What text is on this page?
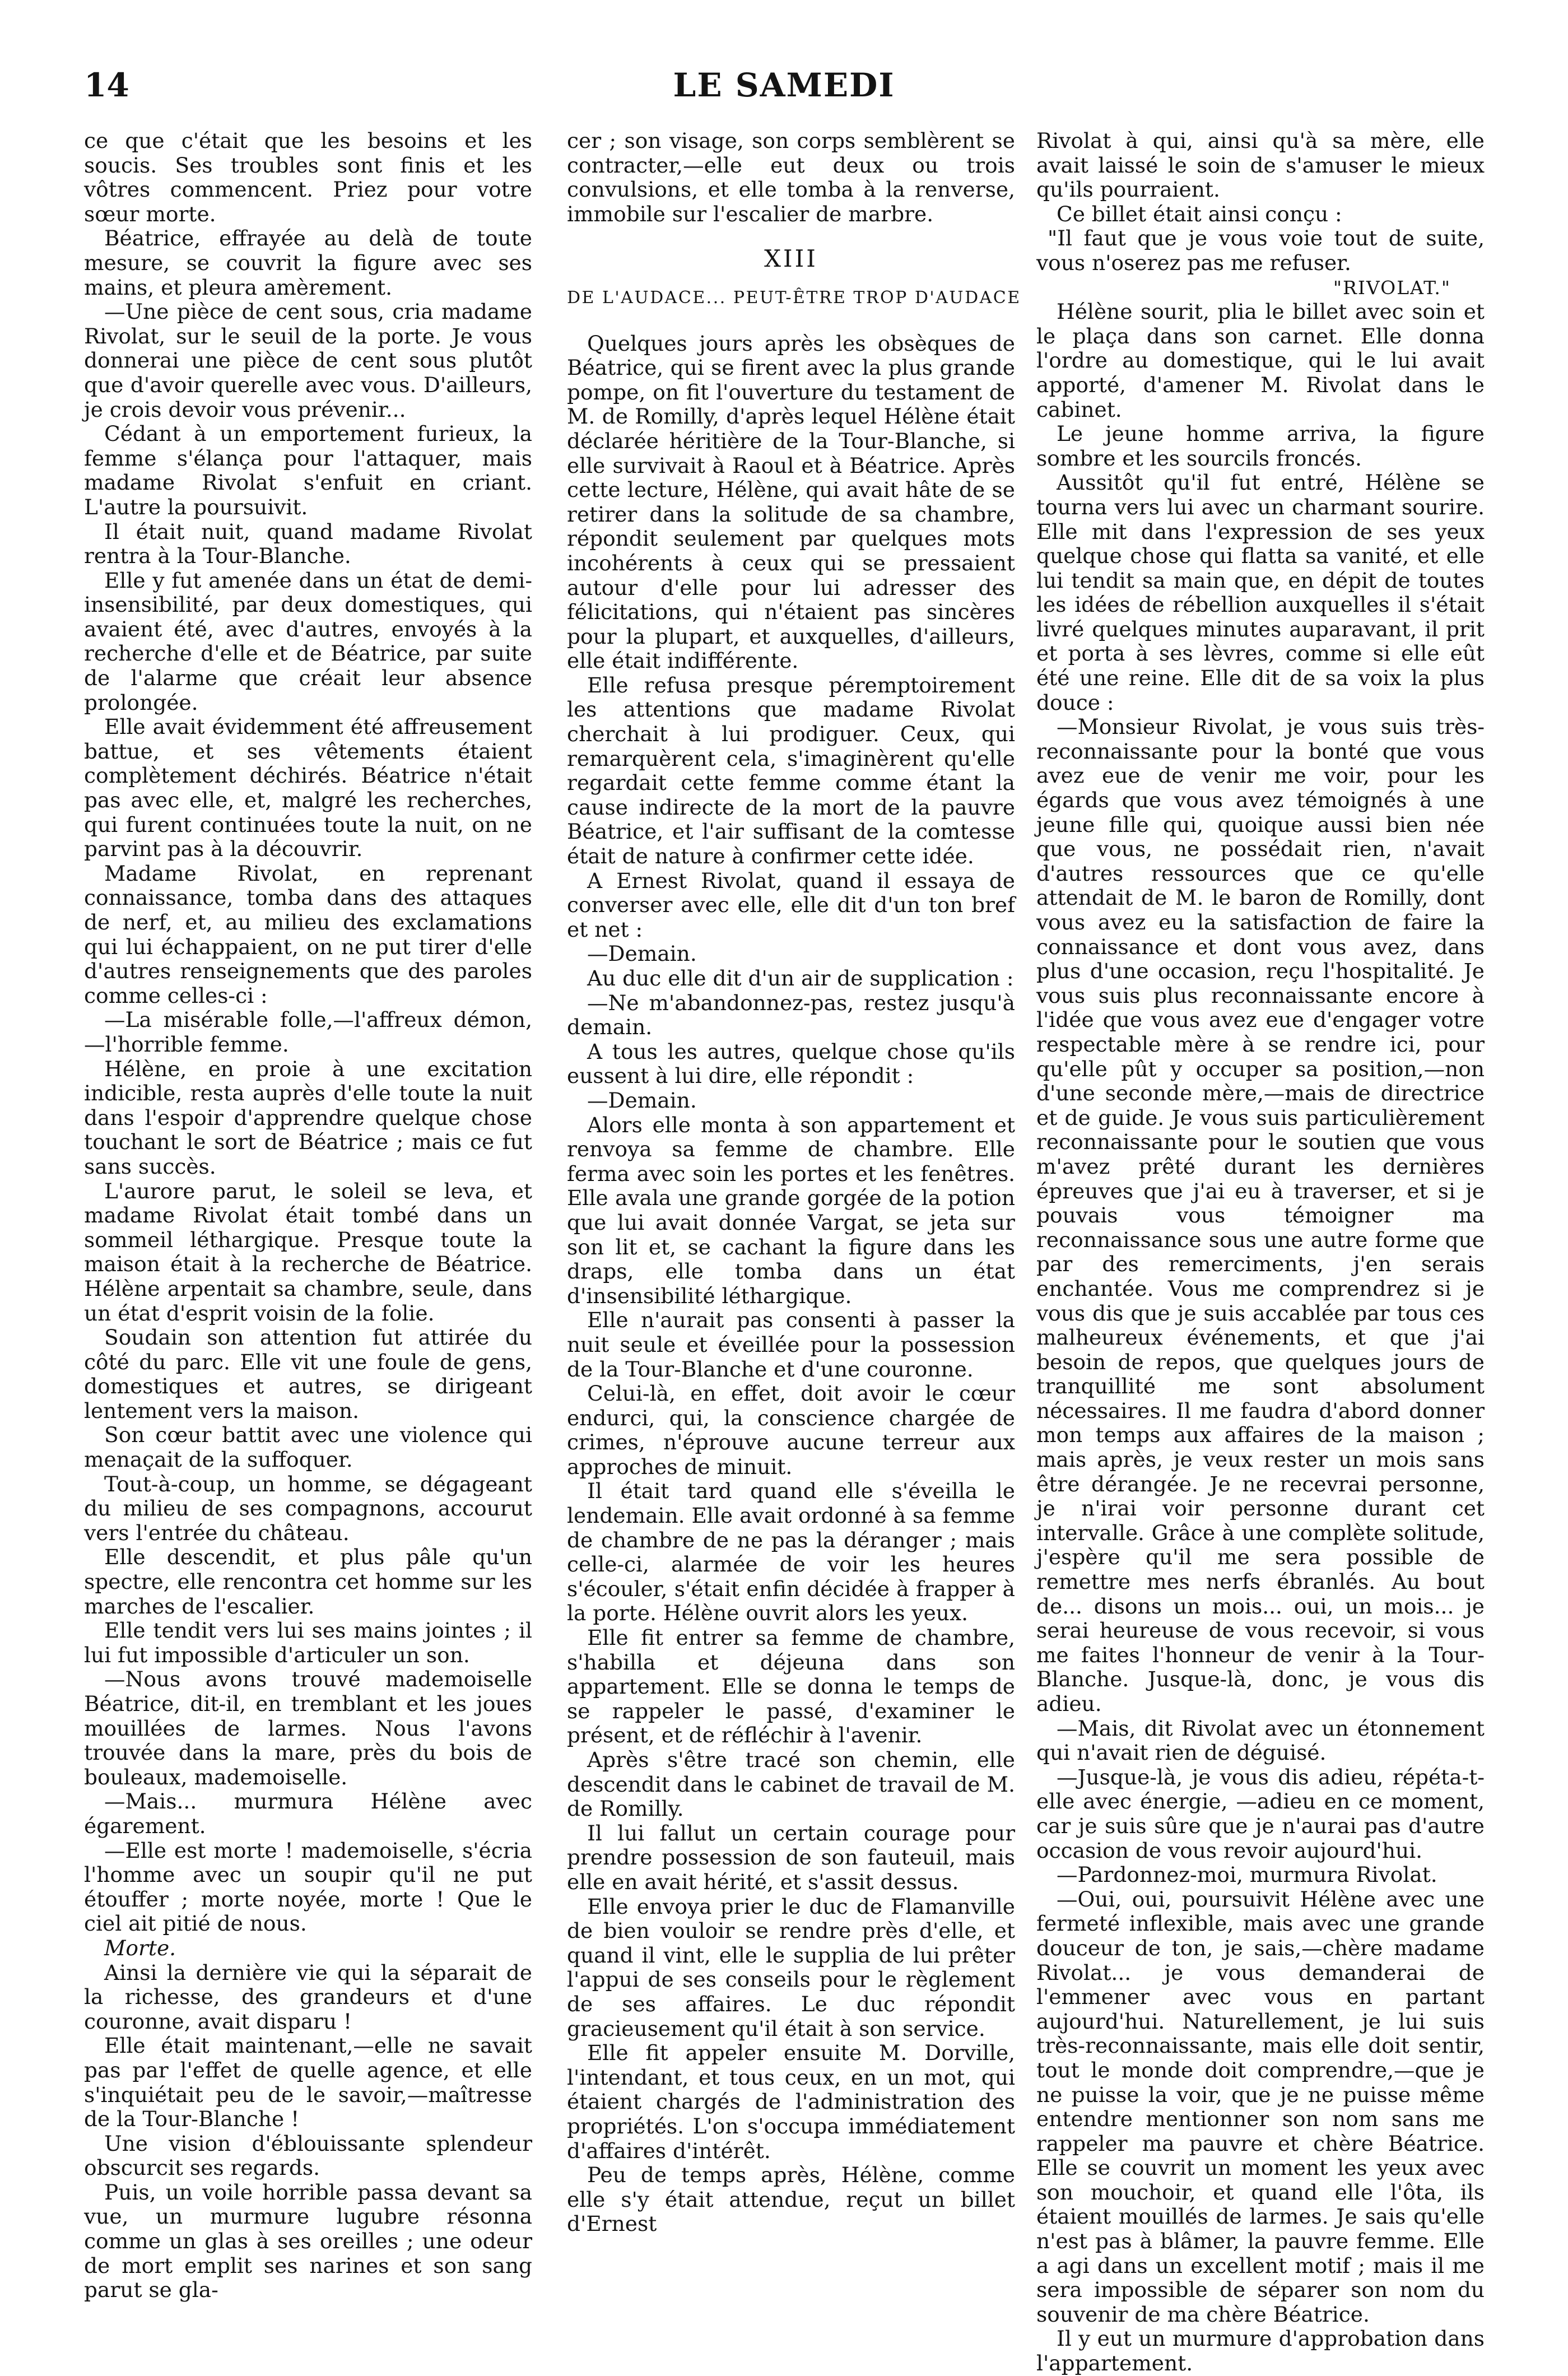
14	LE SAMEDI

ce que c'était que les besoins et les soucis. Ses troubles sont finis et les vôtres commencent. Priez pour votre sœur morte.

Béatrice, effrayée au delà de toute mesure, se couvrit la figure avec ses mains, et pleura amèrement.

—Une pièce de cent sous, cria madame Rivolat, sur le seuil de la porte. Je vous donnerai une pièce de cent sous plutôt que d'avoir querelle avec vous. D'ailleurs, je crois devoir vous prévenir...

Cédant à un emportement furieux, la femme s'élança pour l'attaquer, mais madame Rivolat s'enfuit en criant. L'autre la poursuivit.

Il était nuit, quand madame Rivolat rentra à la Tour-Blanche.

Elle y fut amenée dans un état de demi-insensibilité, par deux domestiques, qui avaient été, avec d'autres, envoyés à la recherche d'elle et de Béatrice, par suite de l'alarme que créait leur absence prolongée.

Elle avait évidemment été affreusement battue, et ses vêtements étaient complètement déchirés. Béatrice n'était pas avec elle, et, malgré les recherches, qui furent continuées toute la nuit, on ne parvint pas à la découvrir.

Madame Rivolat, en reprenant connaissance, tomba dans des attaques de nerf, et, au milieu des exclamations qui lui échappaient, on ne put tirer d'elle d'autres renseignements que des paroles comme celles-ci :

—La misérable folle,—l'affreux démon,—l'horrible femme.

Hélène, en proie à une excitation indicible, resta auprès d'elle toute la nuit dans l'espoir d'apprendre quelque chose touchant le sort de Béatrice ; mais ce fut sans succès.

L'aurore parut, le soleil se leva, et madame Rivolat était tombé dans un sommeil léthargique. Presque toute la maison était à la recherche de Béatrice. Hélène arpentait sa chambre, seule, dans un état d'esprit voisin de la folie.

Soudain son attention fut attirée du côté du parc. Elle vit une foule de gens, domestiques et autres, se dirigeant lentement vers la maison.

Son cœur battit avec une violence qui menaçait de la suffoquer.

Tout-à-coup, un homme, se dégageant du milieu de ses compagnons, accourut vers l'entrée du château.

Elle descendit, et plus pâle qu'un spectre, elle rencontra cet homme sur les marches de l'escalier.

Elle tendit vers lui ses mains jointes ; il lui fut impossible d'articuler un son.

—Nous avons trouvé mademoiselle Béatrice, dit-il, en tremblant et les joues mouillées de larmes. Nous l'avons trouvée dans la mare, près du bois de bouleaux, mademoiselle.

—Mais... murmura Hélène avec égarement.

—Elle est morte ! mademoiselle, s'écria l'homme avec un soupir qu'il ne put étouffer ; morte noyée, morte ! Que le ciel ait pitié de nous.

Morte.

Ainsi la dernière vie qui la séparait de la richesse, des grandeurs et d'une couronne, avait disparu !

Elle était maintenant,—elle ne savait pas par l'effet de quelle agence, et elle s'inquiétait peu de le savoir,—maîtresse de la Tour-Blanche !

Une vision d'éblouissante splendeur obscurcit ses regards.

Puis, un voile horrible passa devant sa vue, un murmure lugubre résonna comme un glas à ses oreilles ; une odeur de mort emplit ses narines et son sang parut se gla-

cer ; son visage, son corps semblèrent se contracter,—elle eut deux ou trois convulsions, et elle tomba à la renverse, immobile sur l'escalier de marbre.

XIII
DE L'AUDACE... PEUT-ÊTRE TROP D'AUDACE

Quelques jours après les obsèques de Béatrice, qui se firent avec la plus grande pompe, on fit l'ouverture du testament de M. de Romilly, d'après lequel Hélène était déclarée héritière de la Tour-Blanche, si elle survivait à Raoul et à Béatrice. Après cette lecture, Hélène, qui avait hâte de se retirer dans la solitude de sa chambre, répondit seulement par quelques mots incohérents à ceux qui se pressaient autour d'elle pour lui adresser des félicitations, qui n'étaient pas sincères pour la plupart, et auxquelles, d'ailleurs, elle était indifférente.

Elle refusa presque péremptoirement les attentions que madame Rivolat cherchait à lui prodiguer. Ceux, qui remarquèrent cela, s'imaginèrent qu'elle regardait cette femme comme étant la cause indirecte de la mort de la pauvre Béatrice, et l'air suffisant de la comtesse était de nature à confirmer cette idée.

A Ernest Rivolat, quand il essaya de converser avec elle, elle dit d'un ton bref et net :

—Demain.

Au duc elle dit d'un air de supplication :

—Ne m'abandonnez-pas, restez jusqu'à demain.

A tous les autres, quelque chose qu'ils eussent à lui dire, elle répondit :

—Demain.

Alors elle monta à son appartement et renvoya sa femme de chambre. Elle ferma avec soin les portes et les fenêtres. Elle avala une grande gorgée de la potion que lui avait donnée Vargat, se jeta sur son lit et, se cachant la figure dans les draps, elle tomba dans un état d'insensibilité léthargique.

Elle n'aurait pas consenti à passer la nuit seule et éveillée pour la possession de la Tour-Blanche et d'une couronne.

Celui-là, en effet, doit avoir le cœur endurci, qui, la conscience chargée de crimes, n'éprouve aucune terreur aux approches de minuit.

Il était tard quand elle s'éveilla le lendemain. Elle avait ordonné à sa femme de chambre de ne pas la déranger ; mais celle-ci, alarmée de voir les heures s'écouler, s'était enfin décidée à frapper à la porte. Hélène ouvrit alors les yeux.

Elle fit entrer sa femme de chambre, s'habilla et déjeuna dans son appartement. Elle se donna le temps de se rappeler le passé, d'examiner le présent, et de réfléchir à l'avenir.

Après s'être tracé son chemin, elle descendit dans le cabinet de travail de M. de Romilly.

Il lui fallut un certain courage pour prendre possession de son fauteuil, mais elle en avait hérité, et s'assit dessus.

Elle envoya prier le duc de Flamanville de bien vouloir se rendre près d'elle, et quand il vint, elle le supplia de lui prêter l'appui de ses conseils pour le règlement de ses affaires. Le duc répondit gracieusement qu'il était à son service.

Elle fit appeler ensuite M. Dorville, l'intendant, et tous ceux, en un mot, qui étaient chargés de l'administration des propriétés. L'on s'occupa immédiatement d'affaires d'intérêt.

Peu de temps après, Hélène, comme elle s'y était attendue, reçut un billet d'Ernest

Rivolat à qui, ainsi qu'à sa mère, elle avait laissé le soin de s'amuser le mieux qu'ils pourraient.

Ce billet était ainsi conçu :

"Il faut que je vous voie tout de suite, vous n'oserez pas me refuser.

"RIVOLAT."

Hélène sourit, plia le billet avec soin et le plaça dans son carnet. Elle donna l'ordre au domestique, qui le lui avait apporté, d'amener M. Rivolat dans le cabinet.

Le jeune homme arriva, la figure sombre et les sourcils froncés.

Aussitôt qu'il fut entré, Hélène se tourna vers lui avec un charmant sourire. Elle mit dans l'expression de ses yeux quelque chose qui flatta sa vanité, et elle lui tendit sa main que, en dépit de toutes les idées de rébellion auxquelles il s'était livré quelques minutes auparavant, il prit et porta à ses lèvres, comme si elle eût été une reine. Elle dit de sa voix la plus douce :

—Monsieur Rivolat, je vous suis très-reconnaissante pour la bonté que vous avez eue de venir me voir, pour les égards que vous avez témoignés à une jeune fille qui, quoique aussi bien née que vous, ne possédait rien, n'avait d'autres ressources que ce qu'elle attendait de M. le baron de Romilly, dont vous avez eu la satisfaction de faire la connaissance et dont vous avez, dans plus d'une occasion, reçu l'hospitalité. Je vous suis plus reconnaissante encore à l'idée que vous avez eue d'engager votre respectable mère à se rendre ici, pour qu'elle pût y occuper sa position,—non d'une seconde mère,—mais de directrice et de guide. Je vous suis particulièrement reconnaissante pour le soutien que vous m'avez prêté durant les dernières épreuves que j'ai eu à traverser, et si je pouvais vous témoigner ma reconnaissance sous une autre forme que par des remerciments, j'en serais enchantée. Vous me comprendrez si je vous dis que je suis accablée par tous ces malheureux événements, et que j'ai besoin de repos, que quelques jours de tranquillité me sont absolument nécessaires. Il me faudra d'abord donner mon temps aux affaires de la maison ; mais après, je veux rester un mois sans être dérangée. Je ne recevrai personne, je n'irai voir personne durant cet intervalle. Grâce à une complète solitude, j'espère qu'il me sera possible de remettre mes nerfs ébranlés. Au bout de... disons un mois... oui, un mois... je serai heureuse de vous recevoir, si vous me faites l'honneur de venir à la Tour-Blanche. Jusque-là, donc, je vous dis adieu.

—Mais, dit Rivolat avec un étonnement qui n'avait rien de déguisé.

—Jusque-là, je vous dis adieu, répéta-t-elle avec énergie, —adieu en ce moment, car je suis sûre que je n'aurai pas d'autre occasion de vous revoir aujourd'hui.

—Pardonnez-moi, murmura Rivolat.

—Oui, oui, poursuivit Hélène avec une fermeté inflexible, mais avec une grande douceur de ton, je sais,—chère madame Rivolat... je vous demanderai de l'emmener avec vous en partant aujourd'hui. Naturellement, je lui suis très-reconnaissante, mais elle doit sentir, tout le monde doit comprendre,—que je ne puisse la voir, que je ne puisse même entendre mentionner son nom sans me rappeler ma pauvre et chère Béatrice. Elle se couvrit un moment les yeux avec son mouchoir, et quand elle l'ôta, ils étaient mouillés de larmes. Je sais qu'elle n'est pas à blâmer, la pauvre femme. Elle a agi dans un excellent motif ; mais il me sera impossible de séparer son nom du souvenir de ma chère Béatrice.

Il y eut un murmure d'approbation dans l'appartement.
